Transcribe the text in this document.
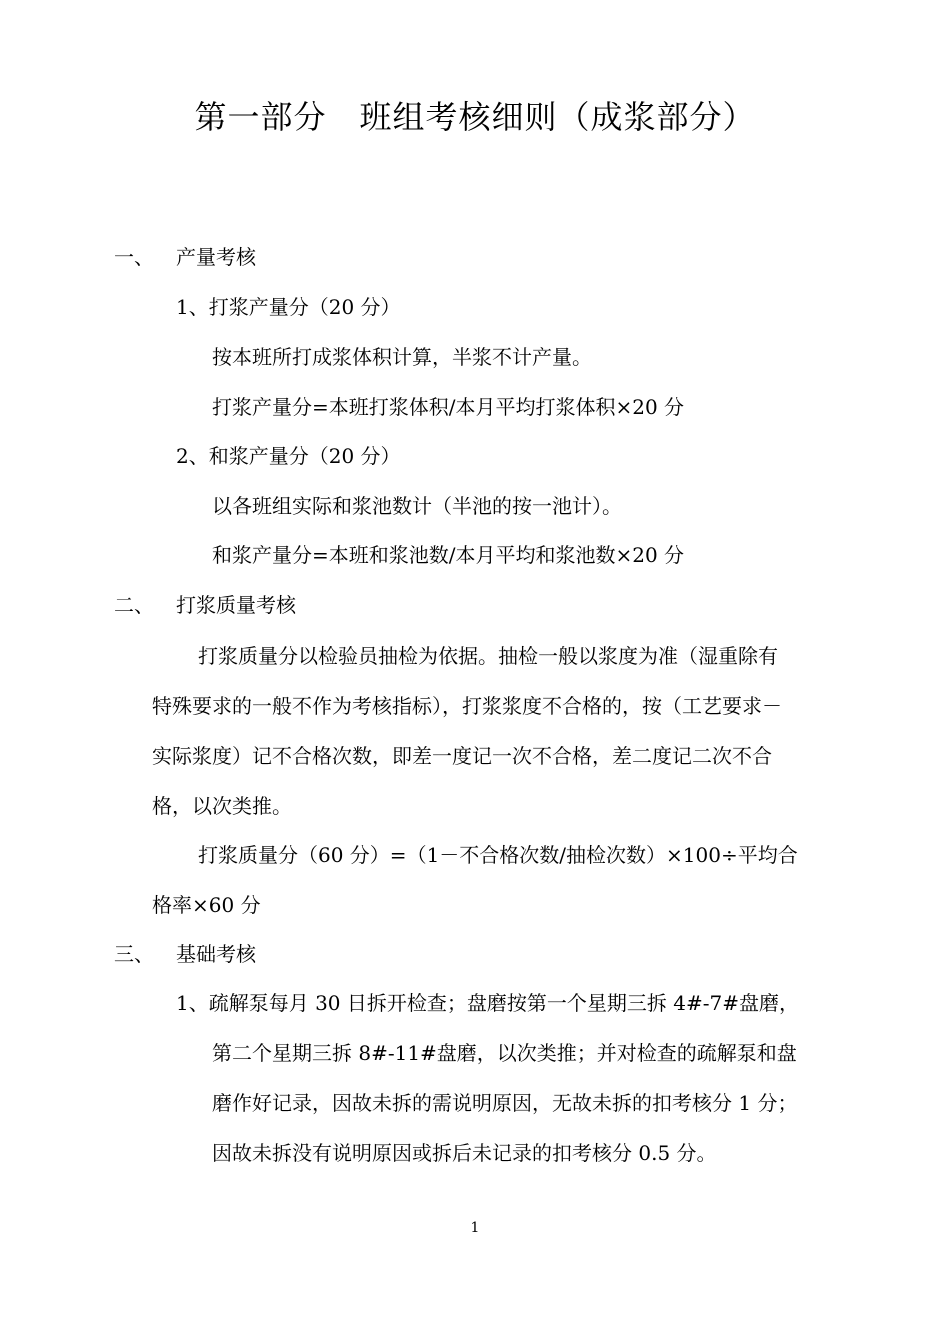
第一部分　班组考核细则（成浆部分）
一、 产量考核
1、打浆产量分（20 分）
按本班所打成浆体积计算，半浆不计产量。
打浆产量分=本班打浆体积/本月平均打浆体积×20 分
2、和浆产量分（20 分）
以各班组实际和浆池数计（半池的按一池计）。
和浆产量分=本班和浆池数/本月平均和浆池数×20 分
二、 打浆质量考核
打浆质量分以检验员抽检为依据。抽检一般以浆度为准（湿重除有
特殊要求的一般不作为考核指标），打浆浆度不合格的，按（工艺要求－
实际浆度）记不合格次数，即差一度记一次不合格，差二度记二次不合
格，以次类推。
打浆质量分（60 分）=（1－不合格次数/抽检次数）×100÷平均合
格率×60 分
三、 基础考核
1、疏解泵每月 30 日拆开检查；盘磨按第一个星期三拆 4#-7#盘磨，
第二个星期三拆 8#-11#盘磨，以次类推；并对检查的疏解泵和盘
磨作好记录，因故未拆的需说明原因，无故未拆的扣考核分 1 分；
因故未拆没有说明原因或拆后未记录的扣考核分 0.5 分。
1
